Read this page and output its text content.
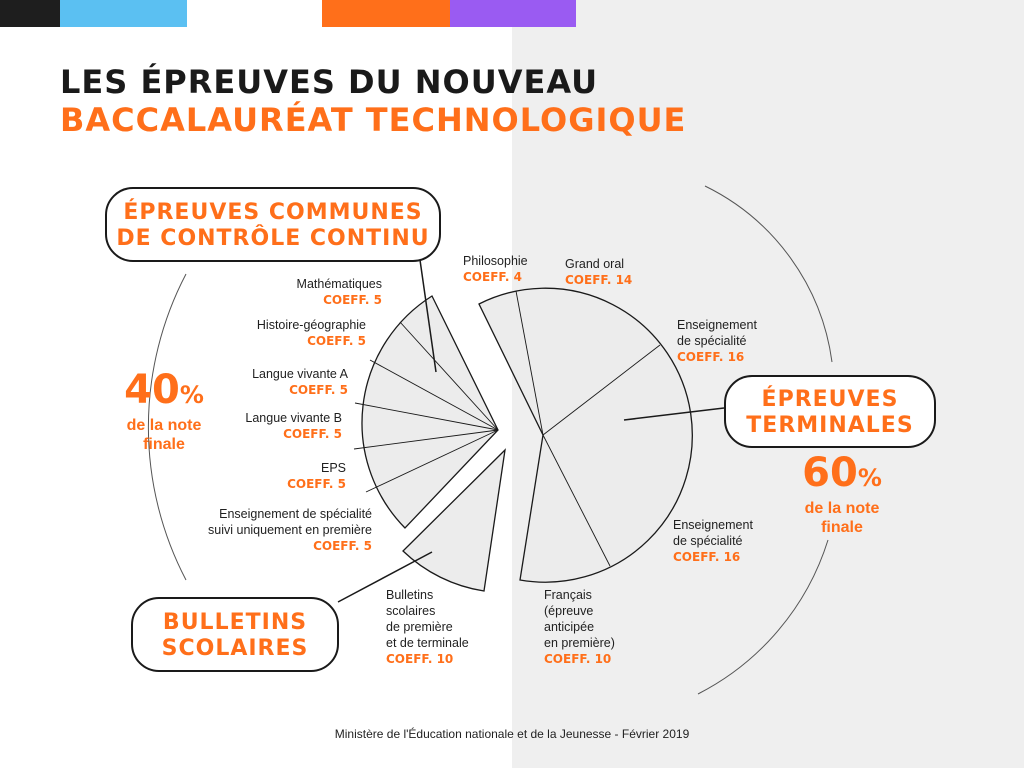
LES ÉPREUVES DU NOUVEAU
BACCALAURÉAT TECHNOLOGIQUE
ÉPREUVES COMMUNES
DE CONTRÔLE CONTINU
BULLETINS
SCOLAIRES
ÉPREUVES
TERMINALES
40%
de la note
finale
60%
de la note
finale
Mathématiques
COEFF. 5
Histoire-géographie
COEFF. 5
Langue vivante A
COEFF. 5
Langue vivante B
COEFF. 5
EPS
COEFF. 5
Enseignement de spécialité
suivi uniquement en première
COEFF. 5
Bulletins
scolaires
de première
et de terminale
COEFF. 10
Philosophie
COEFF. 4
Grand oral
COEFF. 14
Enseignement
de spécialité
COEFF. 16
Enseignement
de spécialité
COEFF. 16
Français
(épreuve
anticipée
en première)
COEFF. 10
Ministère de l'Éducation nationale et de la Jeunesse - Février 2019
